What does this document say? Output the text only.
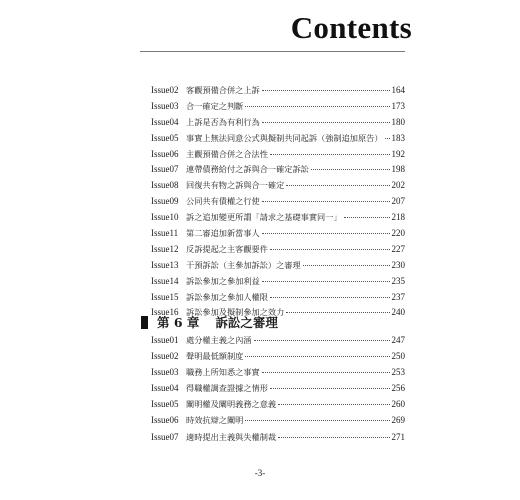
Contents
Issue02 客觀預備合併之上訴	164
Issue03 合一確定之判斷	173
Issue04 上訴是否為有利行為	180
Issue05 事實上無法同意公式與擬制共同起訴（強制追加原告） 183
Issue06 主觀預備合併之合法性	192
Issue07 連帶債務給付之訴與合一確定訴訟	198
Issue08 回復共有物之訴與合一確定	202
Issue09 公同共有債權之行使	207
Issue10 訴之追加變更所謂「請求之基礎事實同一」	218
Issue11 第二審追加新當事人	220
Issue12 反訴提起之主客觀要件	227
Issue13 干預訴訟（主參加訴訟）之審理	230
Issue14 訴訟參加之參加利益	235
Issue15 訴訟參加之參加人權限	237
Issue16 訴訟參加及擬制參加之效力	240
第 6 章 訴訟之審理
Issue01 處分權主義之內涵	247
Issue02 聲明最低額制度	250
Issue03 職務上所知悉之事實	253
Issue04 得職權調查證據之情形	256
Issue05 闡明權及闡明義務之意義	260
Issue06 時效抗辯之闡明	269
Issue07 適時提出主義與失權制裁	271
-3-
